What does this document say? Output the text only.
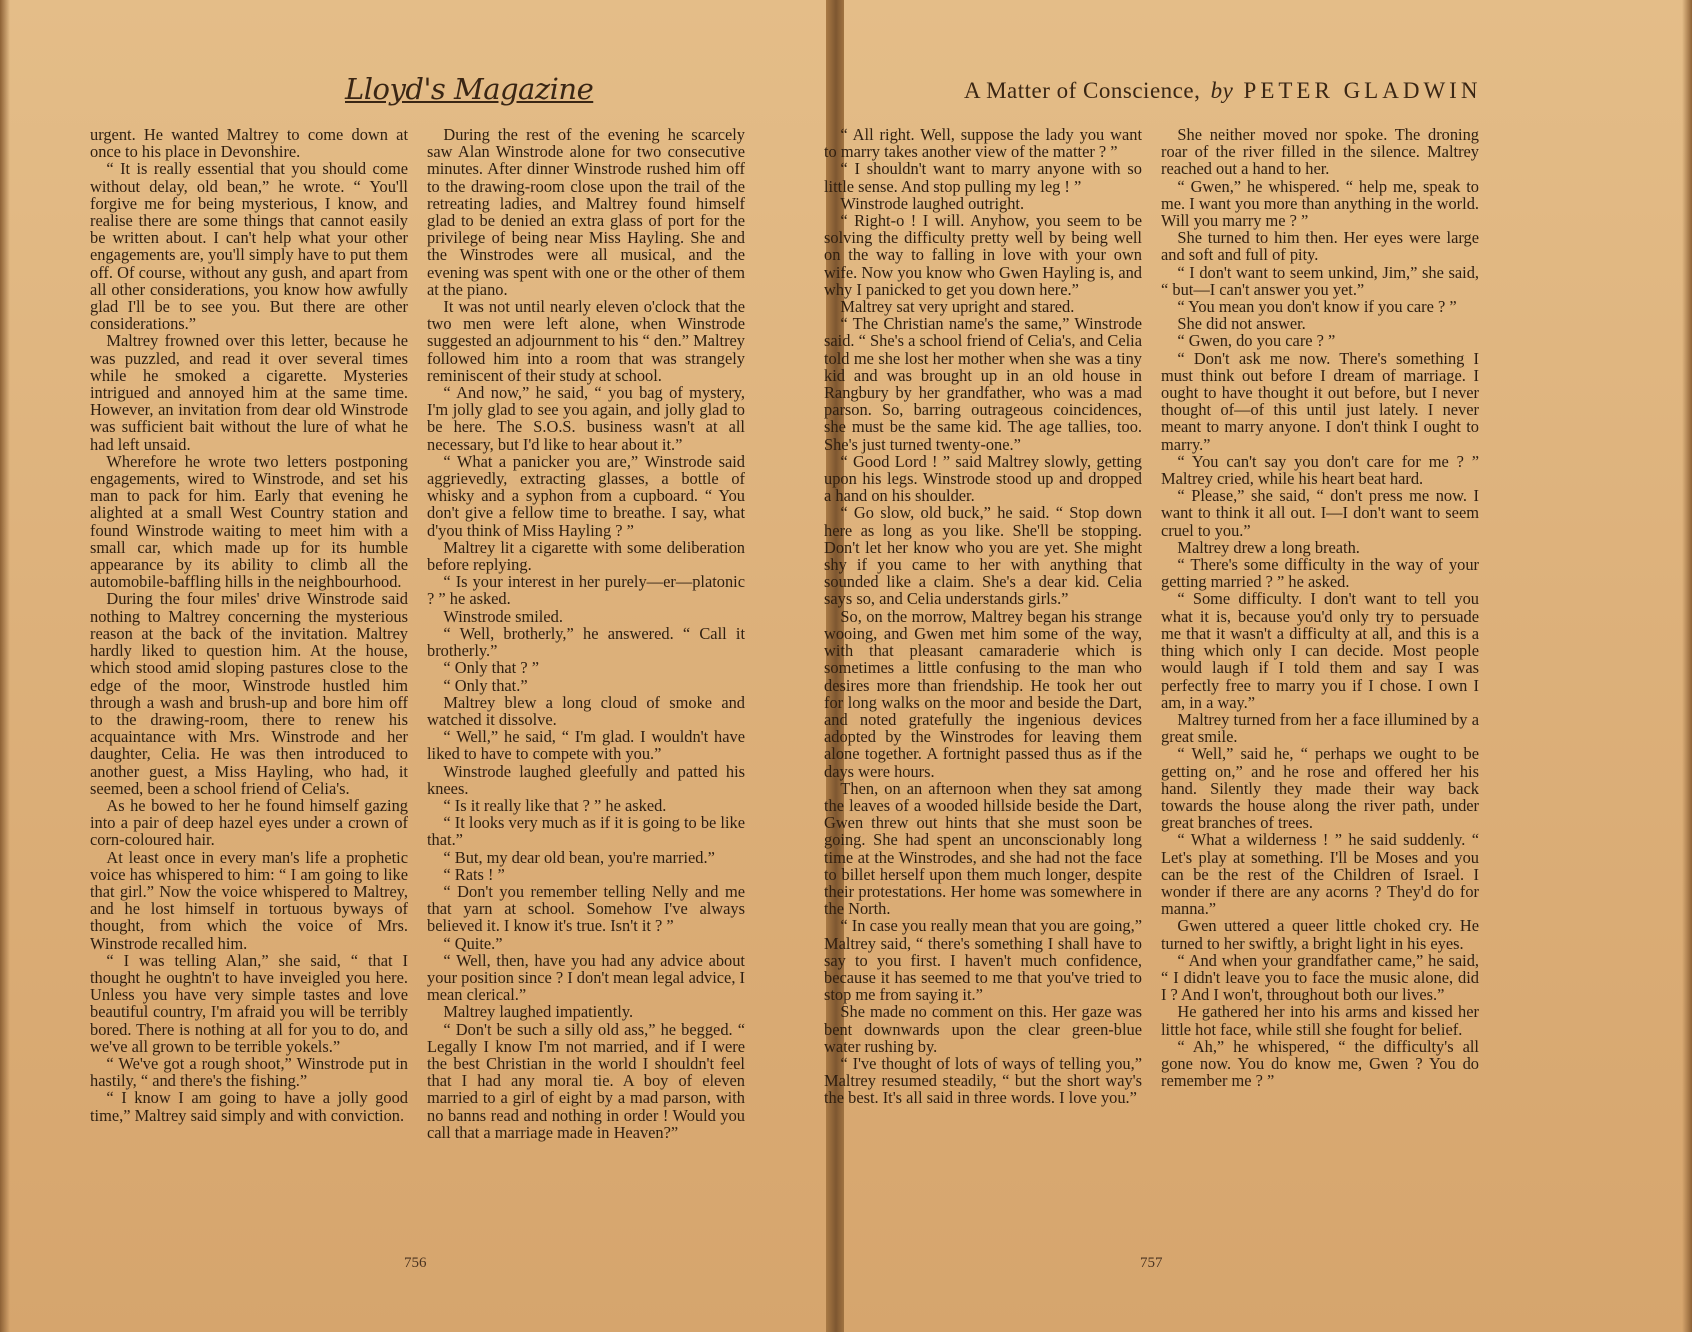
Lloyd's Magazine

urgent. He wanted Maltrey to come down at once to his place in Devonshire.

“ It is really essential that you should come without delay, old bean,” he wrote. “ You'll forgive me for being mysterious, I know, and realise there are some things that cannot easily be written about. I can't help what your other engagements are, you'll simply have to put them off. Of course, without any gush, and apart from all other considerations, you know how awfully glad I'll be to see you. But there are other considerations.”

Maltrey frowned over this letter, because he was puzzled, and read it over several times while he smoked a cigarette. Mysteries intrigued and annoyed him at the same time. However, an invitation from dear old Winstrode was sufficient bait without the lure of what he had left unsaid.

Wherefore he wrote two letters postponing engagements, wired to Winstrode, and set his man to pack for him. Early that evening he alighted at a small West Country station and found Winstrode waiting to meet him with a small car, which made up for its humble appearance by its ability to climb all the automobile-baffling hills in the neighbourhood.

During the four miles' drive Winstrode said nothing to Maltrey concerning the mysterious reason at the back of the invitation. Maltrey hardly liked to question him. At the house, which stood amid sloping pastures close to the edge of the moor, Winstrode hustled him through a wash and brush-up and bore him off to the drawing-room, there to renew his acquaintance with Mrs. Winstrode and her daughter, Celia. He was then introduced to another guest, a Miss Hayling, who had, it seemed, been a school friend of Celia's.

As he bowed to her he found himself gazing into a pair of deep hazel eyes under a crown of corn-coloured hair.

At least once in every man's life a prophetic voice has whispered to him: “ I am going to like that girl.” Now the voice whispered to Maltrey, and he lost himself in tortuous byways of thought, from which the voice of Mrs. Winstrode recalled him.

“ I was telling Alan,” she said, “ that I thought he oughtn't to have inveigled you here. Unless you have very simple tastes and love beautiful country, I'm afraid you will be terribly bored. There is nothing at all for you to do, and we've all grown to be terrible yokels.”

“ We've got a rough shoot,” Winstrode put in hastily, “ and there's the fishing.”

“ I know I am going to have a jolly good time,” Maltrey said simply and with conviction.

During the rest of the evening he scarcely saw Alan Winstrode alone for two consecutive minutes. After dinner Winstrode rushed him off to the drawing-room close upon the trail of the retreating ladies, and Maltrey found himself glad to be denied an extra glass of port for the privilege of being near Miss Hayling. She and the Winstrodes were all musical, and the evening was spent with one or the other of them at the piano.

It was not until nearly eleven o'clock that the two men were left alone, when Winstrode suggested an adjournment to his “ den.” Maltrey followed him into a room that was strangely reminiscent of their study at school.

“ And now,” he said, “ you bag of mystery, I'm jolly glad to see you again, and jolly glad to be here. The S.O.S. business wasn't at all necessary, but I'd like to hear about it.”

“ What a panicker you are,” Winstrode said aggrievedly, extracting glasses, a bottle of whisky and a syphon from a cupboard. “ You don't give a fellow time to breathe. I say, what d'you think of Miss Hayling ? ”

Maltrey lit a cigarette with some deliberation before replying.

“ Is your interest in her purely—er—platonic ? ” he asked.

Winstrode smiled.

“ Well, brotherly,” he answered. “ Call it brotherly.”

“ Only that ? ”

“ Only that.”

Maltrey blew a long cloud of smoke and watched it dissolve.

“ Well,” he said, “ I'm glad. I wouldn't have liked to have to compete with you.”

Winstrode laughed gleefully and patted his knees.

“ Is it really like that ? ” he asked.

“ It looks very much as if it is going to be like that.”

“ But, my dear old bean, you're married.”

“ Rats ! ”

“ Don't you remember telling Nelly and me that yarn at school. Somehow I've always believed it. I know it's true. Isn't it ? ”

“ Quite.”

“ Well, then, have you had any advice about your position since ? I don't mean legal advice, I mean clerical.”

Maltrey laughed impatiently.

“ Don't be such a silly old ass,” he begged. “ Legally I know I'm not married, and if I were the best Christian in the world I shouldn't feel that I had any moral tie. A boy of eleven married to a girl of eight by a mad parson, with no banns read and nothing in order ! Would you call that a marriage made in Heaven?”

756
A Matter of Conscience, by PETER GLADWIN

“ All right. Well, suppose the lady you want to marry takes another view of the matter ? ”

“ I shouldn't want to marry anyone with so little sense. And stop pulling my leg ! ”

Winstrode laughed outright.

“ Right-o ! I will. Anyhow, you seem to be solving the difficulty pretty well by being well on the way to falling in love with your own wife. Now you know who Gwen Hayling is, and why I panicked to get you down here.”

Maltrey sat very upright and stared.

“ The Christian name's the same,” Winstrode said. “ She's a school friend of Celia's, and Celia told me she lost her mother when she was a tiny kid and was brought up in an old house in Rangbury by her grandfather, who was a mad parson. So, barring outrageous coincidences, she must be the same kid. The age tallies, too. She's just turned twenty-one.”

“ Good Lord ! ” said Maltrey slowly, getting upon his legs. Winstrode stood up and dropped a hand on his shoulder.

“ Go slow, old buck,” he said. “ Stop down here as long as you like. She'll be stopping. Don't let her know who you are yet. She might shy if you came to her with anything that sounded like a claim. She's a dear kid. Celia says so, and Celia understands girls.”

So, on the morrow, Maltrey began his strange wooing, and Gwen met him some of the way, with that pleasant camaraderie which is sometimes a little confusing to the man who desires more than friendship. He took her out for long walks on the moor and beside the Dart, and noted gratefully the ingenious devices adopted by the Winstrodes for leaving them alone together. A fortnight passed thus as if the days were hours.

Then, on an afternoon when they sat among the leaves of a wooded hillside beside the Dart, Gwen threw out hints that she must soon be going. She had spent an unconscionably long time at the Winstrodes, and she had not the face to billet herself upon them much longer, despite their protestations. Her home was somewhere in the North.

“ In case you really mean that you are going,” Maltrey said, “ there's something I shall have to say to you first. I haven't much confidence, because it has seemed to me that you've tried to stop me from saying it.”

She made no comment on this. Her gaze was bent downwards upon the clear green-blue water rushing by.

“ I've thought of lots of ways of telling you,” Maltrey resumed steadily, “ but the short way's the best. It's all said in three words. I love you.”

She neither moved nor spoke. The droning roar of the river filled in the silence. Maltrey reached out a hand to her.

“ Gwen,” he whispered. “ help me, speak to me. I want you more than anything in the world. Will you marry me ? ”

She turned to him then. Her eyes were large and soft and full of pity.

“ I don't want to seem unkind, Jim,” she said, “ but—I can't answer you yet.”

“ You mean you don't know if you care ? ”

She did not answer.

“ Gwen, do you care ? ”

“ Don't ask me now. There's something I must think out before I dream of marriage. I ought to have thought it out before, but I never thought of—of this until just lately. I never meant to marry anyone. I don't think I ought to marry.”

“ You can't say you don't care for me ? ” Maltrey cried, while his heart beat hard.

“ Please,” she said, “ don't press me now. I want to think it all out. I—I don't want to seem cruel to you.”

Maltrey drew a long breath.

“ There's some difficulty in the way of your getting married ? ” he asked.

“ Some difficulty. I don't want to tell you what it is, because you'd only try to persuade me that it wasn't a difficulty at all, and this is a thing which only I can decide. Most people would laugh if I told them and say I was perfectly free to marry you if I chose. I own I am, in a way.”

Maltrey turned from her a face illumined by a great smile.

“ Well,” said he, “ perhaps we ought to be getting on,” and he rose and offered her his hand. Silently they made their way back towards the house along the river path, under great branches of trees.

“ What a wilderness ! ” he said suddenly. “ Let's play at something. I'll be Moses and you can be the rest of the Children of Israel. I wonder if there are any acorns ? They'd do for manna.”

Gwen uttered a queer little choked cry. He turned to her swiftly, a bright light in his eyes.

“ And when your grandfather came,” he said, “ I didn't leave you to face the music alone, did I ? And I won't, throughout both our lives.”

He gathered her into his arms and kissed her little hot face, while still she fought for belief.

“ Ah,” he whispered, “ the difficulty's all gone now. You do know me, Gwen ? You do remember me ? ”

757
